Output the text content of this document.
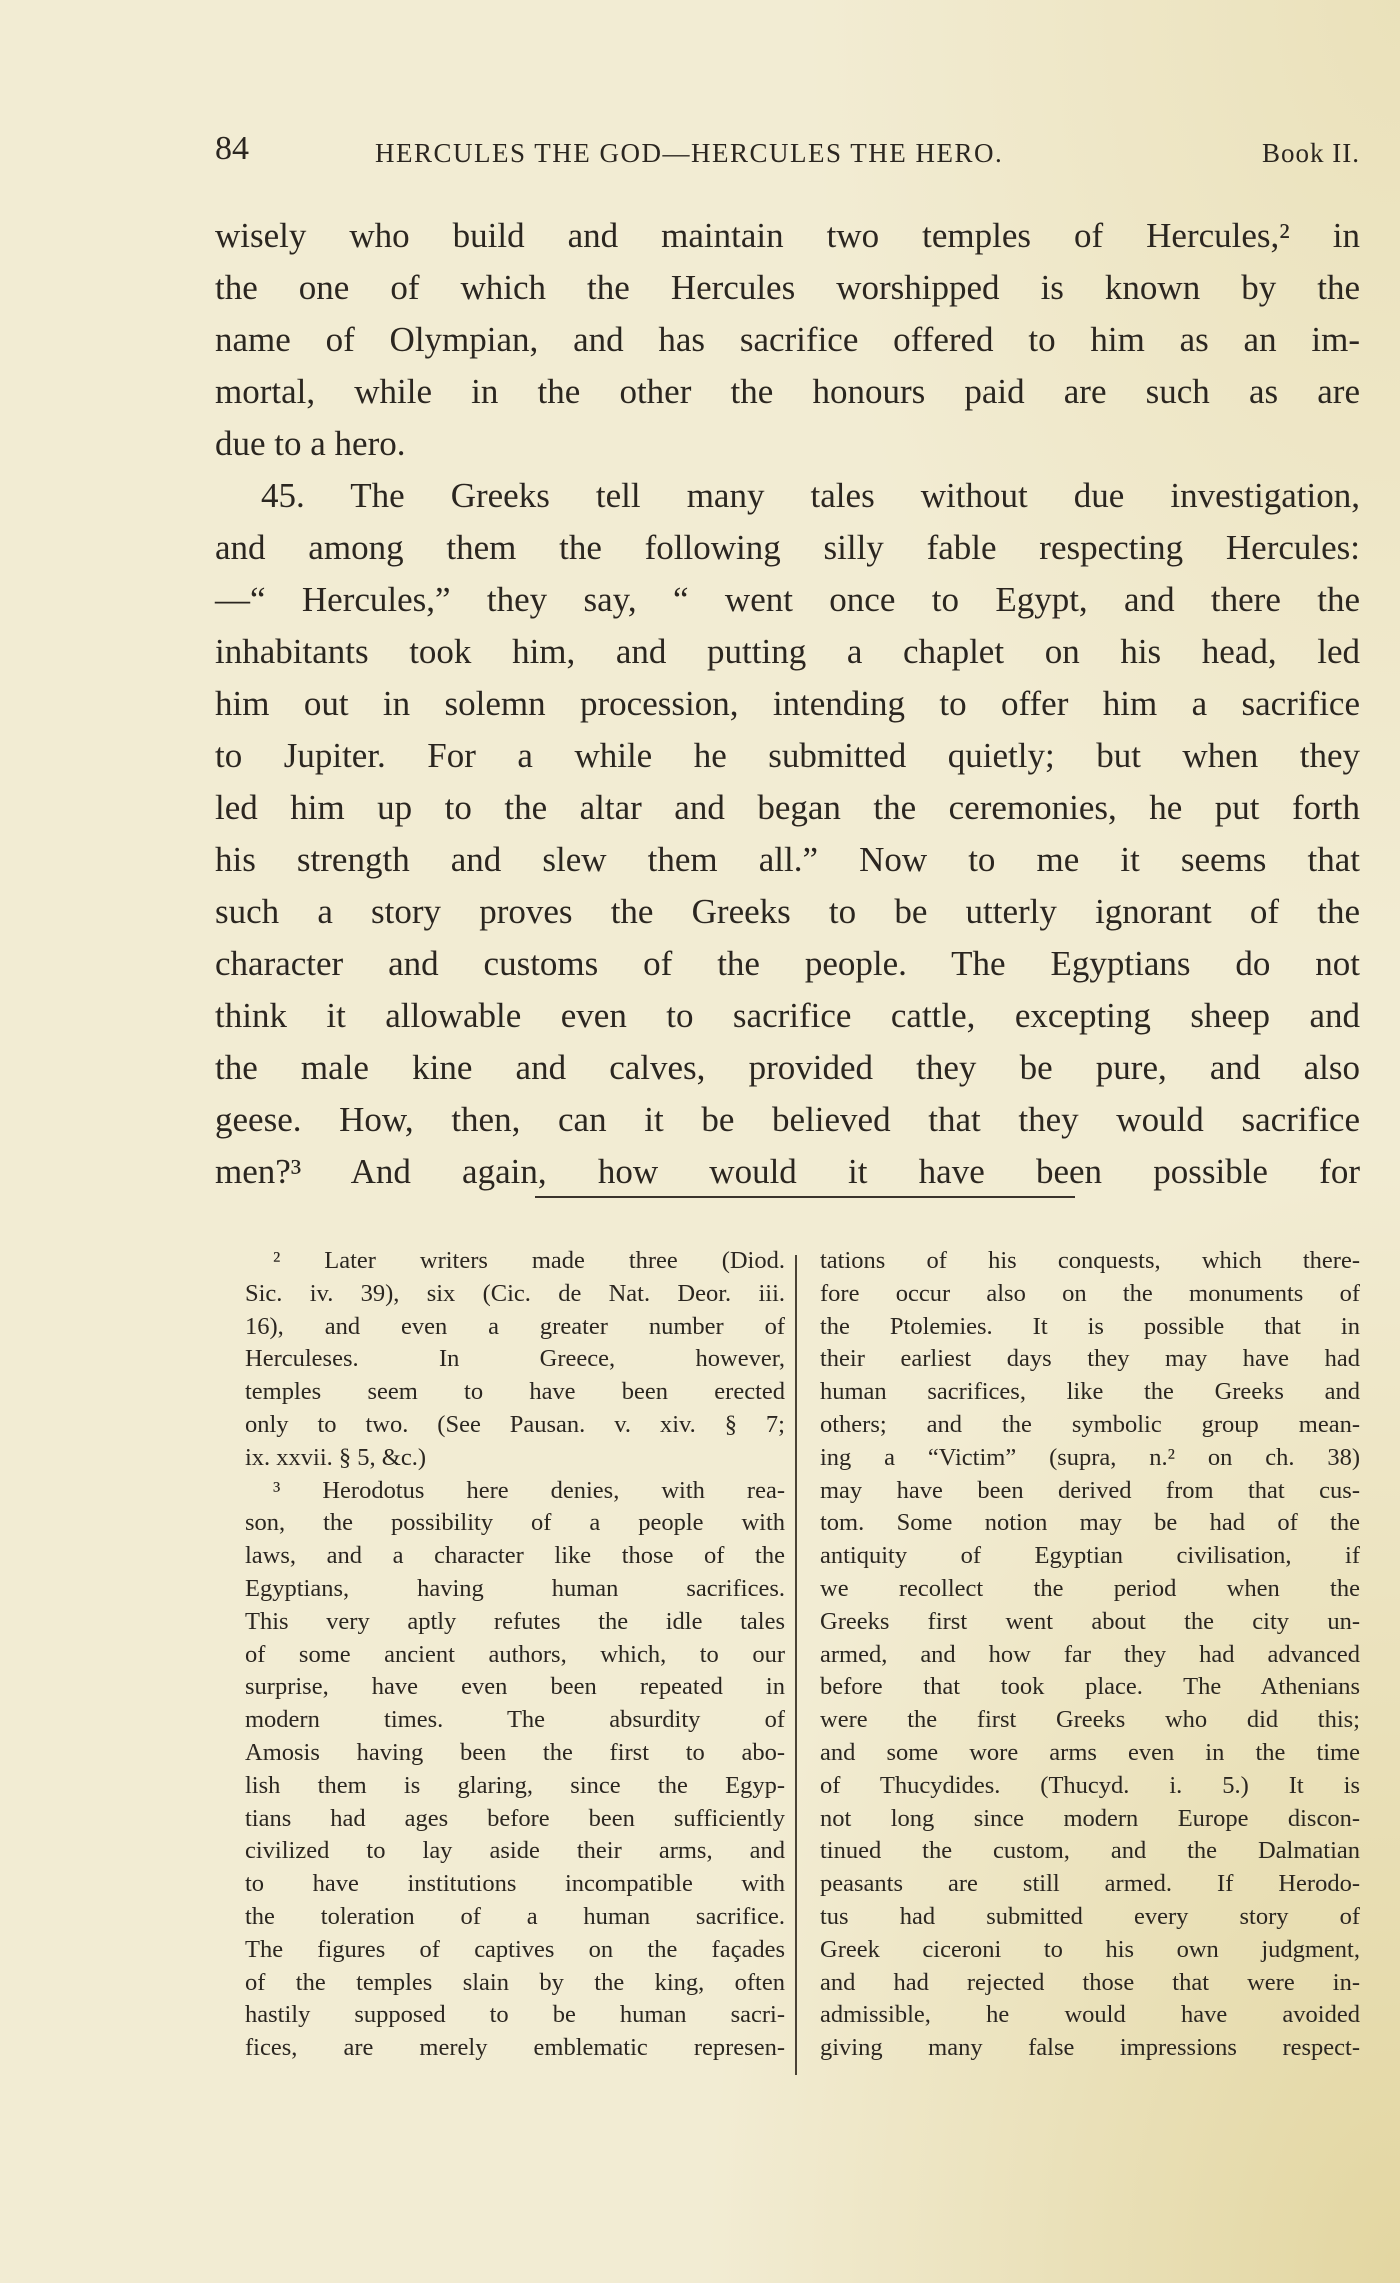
84	HERCULES THE GOD—HERCULES THE HERO.	Book II.
wisely who build and maintain two temples of Hercules,² in
the one of which the Hercules worshipped is known by the
name of Olympian, and has sacrifice offered to him as an im-
mortal, while in the other the honours paid are such as are
due to a hero.
45. The Greeks tell many tales without due investigation,
and among them the following silly fable respecting Hercules:
—“ Hercules,” they say, “ went once to Egypt, and there the
inhabitants took him, and putting a chaplet on his head, led
him out in solemn procession, intending to offer him a sacrifice
to Jupiter. For a while he submitted quietly; but when they
led him up to the altar and began the ceremonies, he put forth
his strength and slew them all.” Now to me it seems that
such a story proves the Greeks to be utterly ignorant of the
character and customs of the people. The Egyptians do not
think it allowable even to sacrifice cattle, excepting sheep and
the male kine and calves, provided they be pure, and also
geese. How, then, can it be believed that they would sacrifice
men?³ And again, how would it have been possible for
² Later writers made three (Diod.
Sic. iv. 39), six (Cic. de Nat. Deor. iii.
16), and even a greater number of
Herculeses. In Greece, however,
temples seem to have been erected
only to two. (See Pausan. v. xiv. § 7;
ix. xxvii. § 5, &c.)
³ Herodotus here denies, with rea-
son, the possibility of a people with
laws, and a character like those of the
Egyptians, having human sacrifices.
This very aptly refutes the idle tales
of some ancient authors, which, to our
surprise, have even been repeated in
modern times. The absurdity of
Amosis having been the first to abo-
lish them is glaring, since the Egyp-
tians had ages before been sufficiently
civilized to lay aside their arms, and
to have institutions incompatible with
the toleration of a human sacrifice.
The figures of captives on the façades
of the temples slain by the king, often
hastily supposed to be human sacri-
fices, are merely emblematic represen-
tations of his conquests, which there-
fore occur also on the monuments of
the Ptolemies. It is possible that in
their earliest days they may have had
human sacrifices, like the Greeks and
others; and the symbolic group mean-
ing a “Victim” (supra, n.² on ch. 38)
may have been derived from that cus-
tom. Some notion may be had of the
antiquity of Egyptian civilisation, if
we recollect the period when the
Greeks first went about the city un-
armed, and how far they had advanced
before that took place. The Athenians
were the first Greeks who did this;
and some wore arms even in the time
of Thucydides. (Thucyd. i. 5.) It is
not long since modern Europe discon-
tinued the custom, and the Dalmatian
peasants are still armed. If Herodo-
tus had submitted every story of
Greek ciceroni to his own judgment,
and had rejected those that were in-
admissible, he would have avoided
giving many false impressions respect-
